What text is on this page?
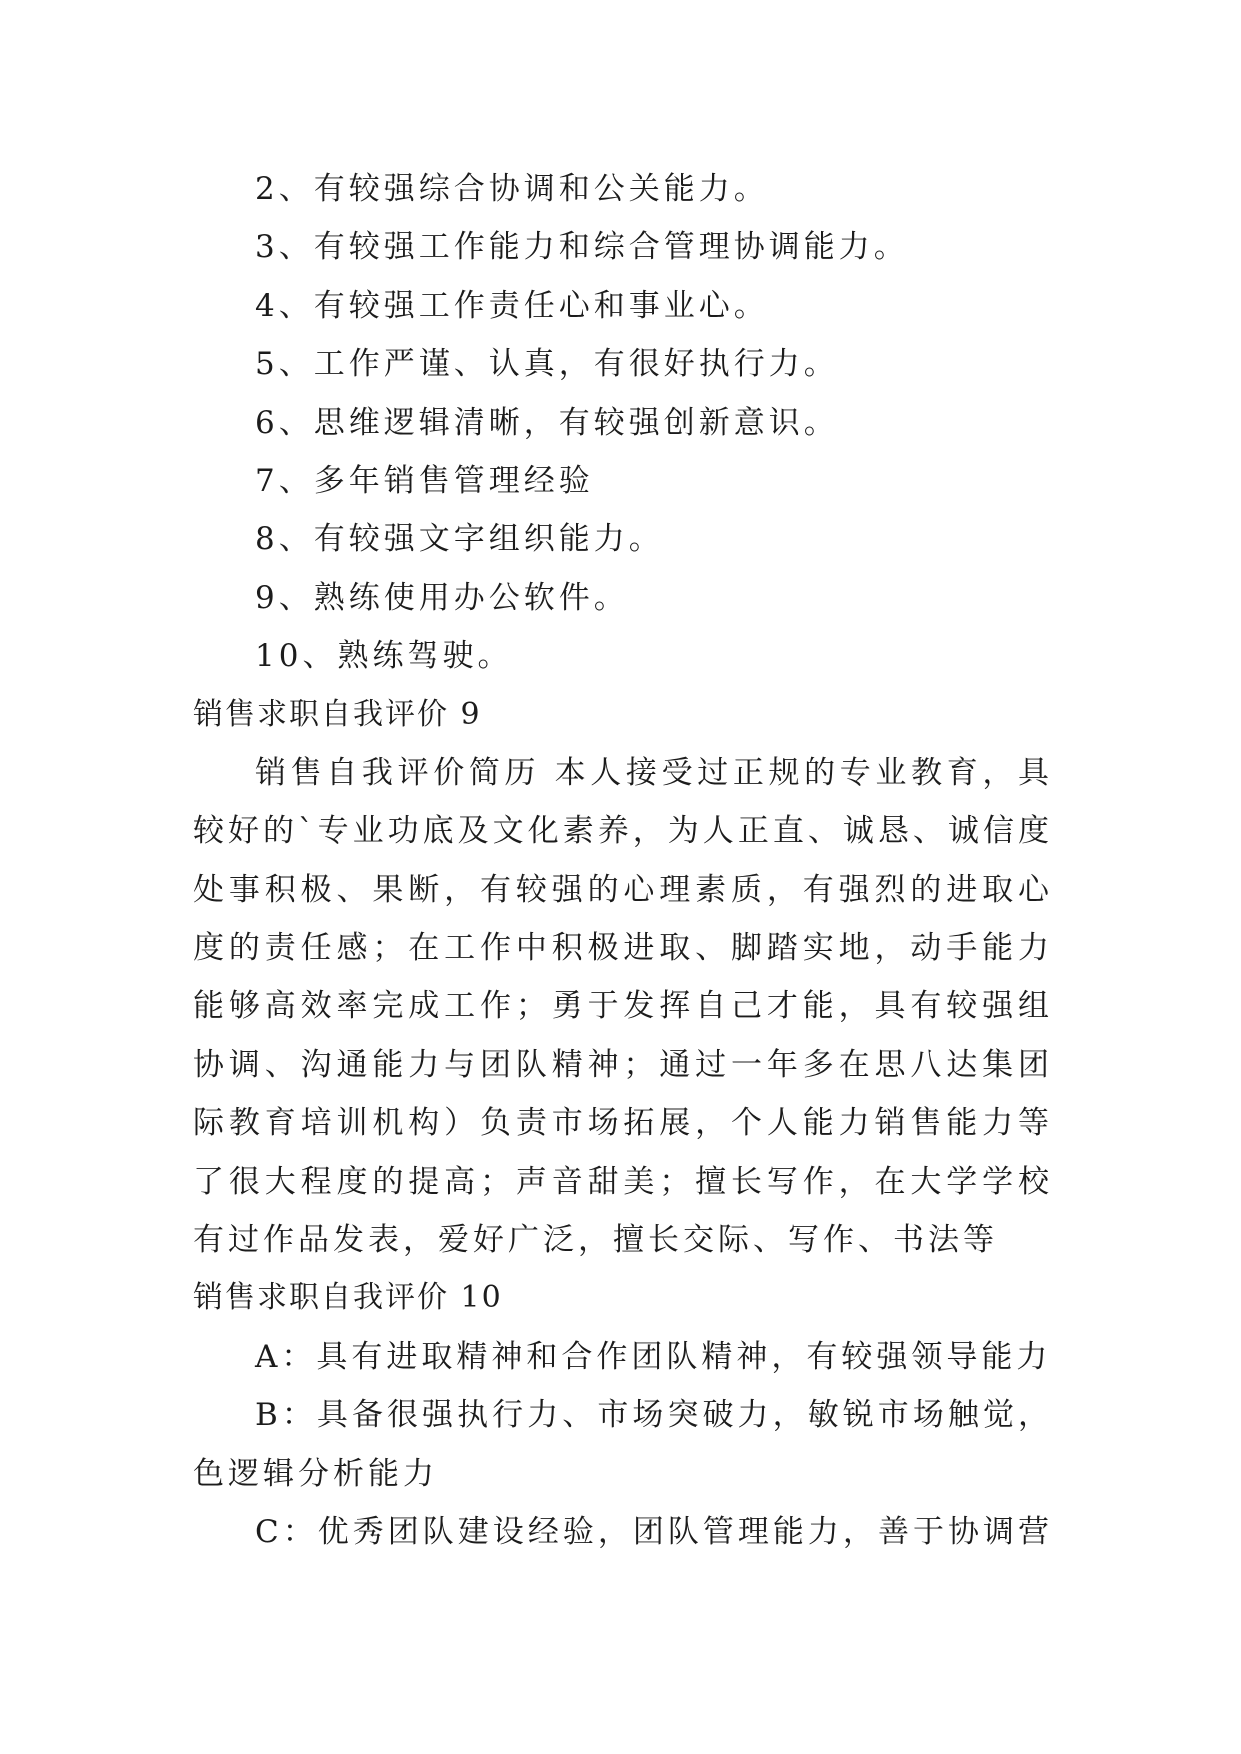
2、有较强综合协调和公关能力。
3、有较强工作能力和综合管理协调能力。
4、有较强工作责任心和事业心。
5、工作严谨、认真，有很好执行力。
6、思维逻辑清晰，有较强创新意识。
7、多年销售管理经验
8、有较强文字组织能力。
9、熟练使用办公软件。
10、熟练驾驶。
销售求职自我评价 9
销售自我评价简历 本人接受过正规的专业教育，具
较好的`专业功底及文化素养，为人正直、诚恳、诚信度
处事积极、果断，有较强的心理素质，有强烈的进取心
度的责任感；在工作中积极进取、脚踏实地，动手能力
能够高效率完成工作；勇于发挥自己才能，具有较强组
协调、沟通能力与团队精神；通过一年多在思八达集团
际教育培训机构）负责市场拓展，个人能力销售能力等
了很大程度的提高；声音甜美；擅长写作，在大学学校
有过作品发表，爱好广泛，擅长交际、写作、书法等
销售求职自我评价 10
A：具有进取精神和合作团队精神，有较强领导能力
B：具备很强执行力、市场突破力，敏锐市场触觉，
色逻辑分析能力
C：优秀团队建设经验，团队管理能力，善于协调营
